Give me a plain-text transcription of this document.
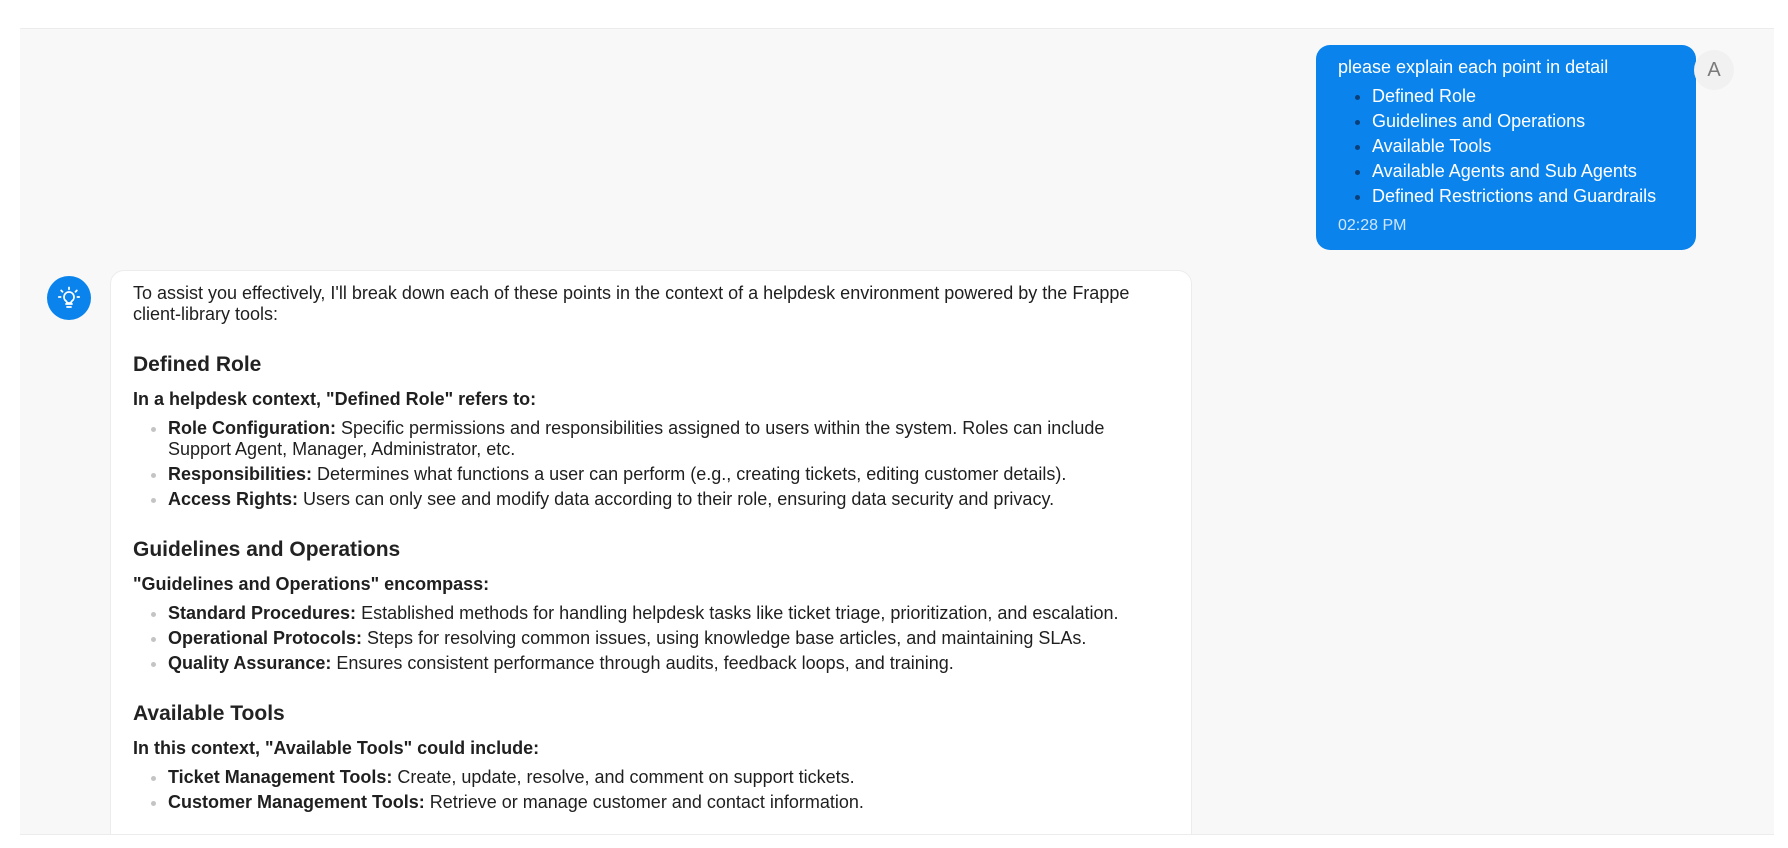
please explain each point in detail
• Defined Role
• Guidelines and Operations
• Available Tools
• Available Agents and Sub Agents
• Defined Restrictions and Guardrails
02:28 PM
A

To assist you effectively, I'll break down each of these points in the context of a helpdesk environment powered by the Frappe client-library tools:

Defined Role

In a helpdesk context, "Defined Role" refers to:

• Role Configuration: Specific permissions and responsibilities assigned to users within the system. Roles can include Support Agent, Manager, Administrator, etc.
• Responsibilities: Determines what functions a user can perform (e.g., creating tickets, editing customer details).
• Access Rights: Users can only see and modify data according to their role, ensuring data security and privacy.
Guidelines and Operations

"Guidelines and Operations" encompass:

• Standard Procedures: Established methods for handling helpdesk tasks like ticket triage, prioritization, and escalation.
• Operational Protocols: Steps for resolving common issues, using knowledge base articles, and maintaining SLAs.
• Quality Assurance: Ensures consistent performance through audits, feedback loops, and training.
Available Tools

In this context, "Available Tools" could include:

• Ticket Management Tools: Create, update, resolve, and comment on support tickets.
• Customer Management Tools: Retrieve or manage customer and contact information.
